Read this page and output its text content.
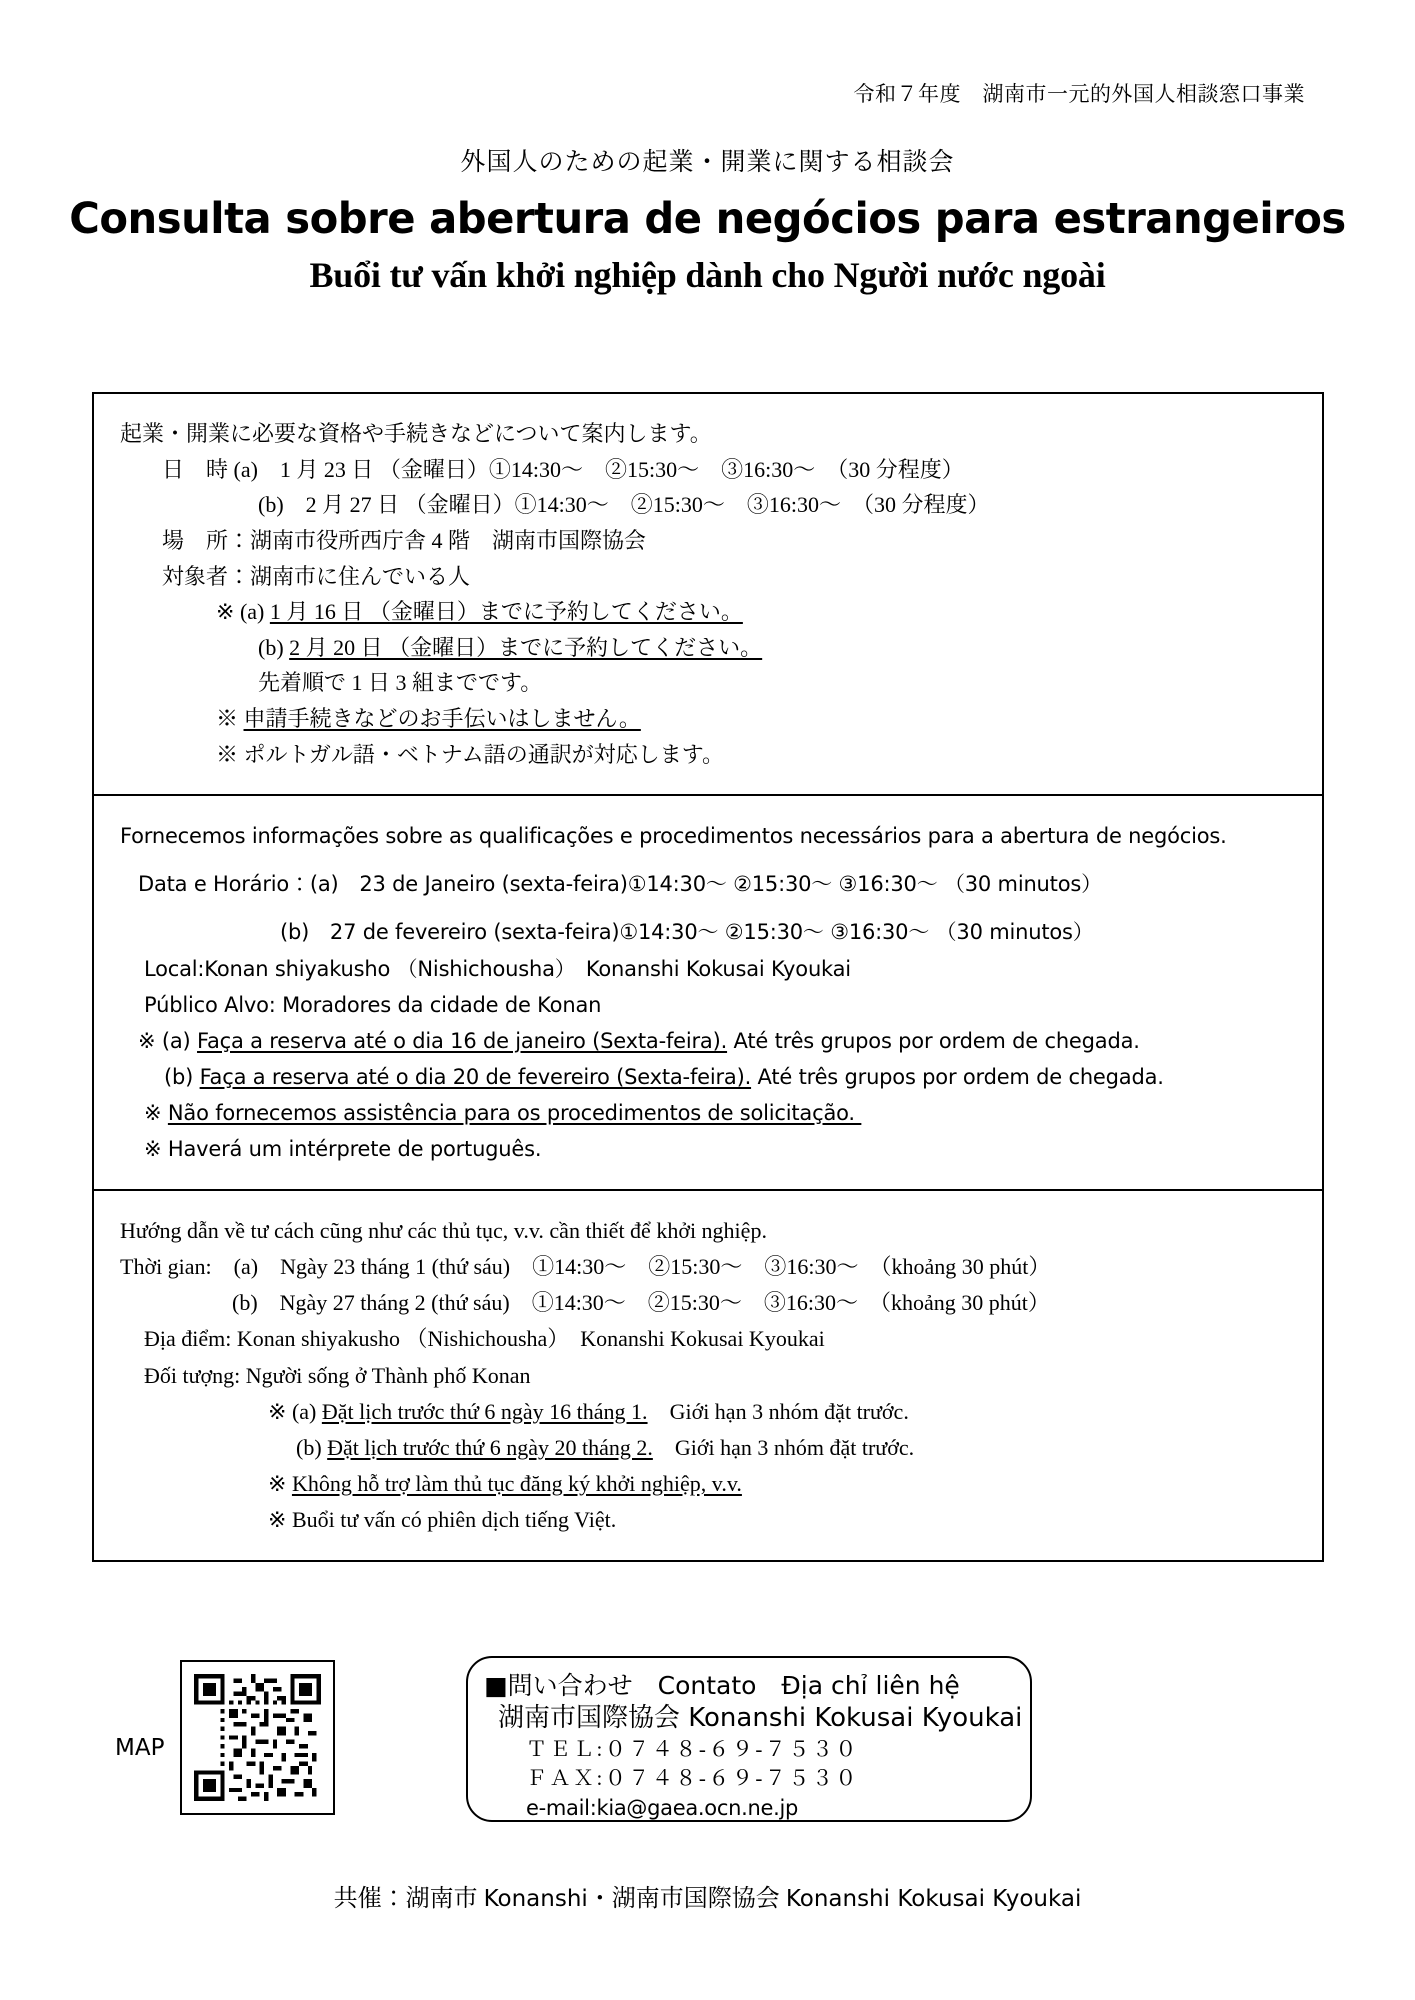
令和７年度　湖南市一元的外国人相談窓口事業
外国人のための起業・開業に関する相談会
Consulta sobre abertura de negócios para estrangeiros
Buổi tư vấn khởi nghiệp dành cho Người nước ngoài
起業・開業に必要な資格や手続きなどについて案内します。
日　時 (a)　1 月 23 日 （金曜日）①14:30〜　②15:30〜　③16:30〜　（30 分程度）
(b)　2 月 27 日 （金曜日）①14:30〜　②15:30〜　③16:30〜　（30 分程度）
場　所：湖南市役所西庁舎 4 階　湖南市国際協会
対象者：湖南市に住んでいる人
※ (a) 1 月 16 日 （金曜日）までに予約してください。
(b) 2 月 20 日 （金曜日）までに予約してください。
先着順で 1 日 3 組までです。
※ 申請手続きなどのお手伝いはしません。
※ ポルトガル語・ベトナム語の通訳が対応します。
Fornecemos informações sobre as qualificações e procedimentos necessários para a abertura de negócios.
Data e Horário：(a)　23 de Janeiro (sexta-feira)①14:30〜 ②15:30〜 ③16:30〜 （30 minutos）
(b)　27 de fevereiro (sexta-feira)①14:30〜 ②15:30〜 ③16:30〜 （30 minutos）
Local:Konan shiyakusho （Nishichousha）　Konanshi Kokusai Kyoukai
Público Alvo: Moradores da cidade de Konan
※ (a) Faça a reserva até o dia 16 de janeiro (Sexta-feira). Até três grupos por ordem de chegada.
(b) Faça a reserva até o dia 20 de fevereiro (Sexta-feira). Até três grupos por ordem de chegada.
※ Não fornecemos assistência para os procedimentos de solicitação.
※ Haverá um intérprete de português.
Hướng dẫn về tư cách cũng như các thủ tục, v.v. cần thiết để khởi nghiệp.
Thời gian:　(a)　Ngày 23 tháng 1 (thứ sáu)　①14:30〜　②15:30〜　③16:30〜　（khoảng 30 phút）
(b)　Ngày 27 tháng 2 (thứ sáu)　①14:30〜　②15:30〜　③16:30〜　（khoảng 30 phút）
Địa điểm: Konan shiyakusho （Nishichousha）　Konanshi Kokusai Kyoukai
Đối tượng: Người sống ở Thành phố Konan
※ (a) Đặt lịch trước thứ 6 ngày 16 tháng 1.　Giới hạn 3 nhóm đặt trước.
(b) Đặt lịch trước thứ 6 ngày 20 tháng 2.　Giới hạn 3 nhóm đặt trước.
※ Không hỗ trợ làm thủ tục đăng ký khởi nghiệp, v.v.
※ Buổi tư vấn có phiên dịch tiếng Việt.
MAP
■問い合わせ　Contato　Địa chỉ liên hệ
湖南市国際協会 Konanshi Kokusai Kyoukai
ＴＥＬ:０７４８-６９-７５３０
ＦＡＸ:０７４８-６９-７５３０
e-mail:kia@gaea.ocn.ne.jp
共催：湖南市 Konanshi・湖南市国際協会 Konanshi Kokusai Kyoukai
